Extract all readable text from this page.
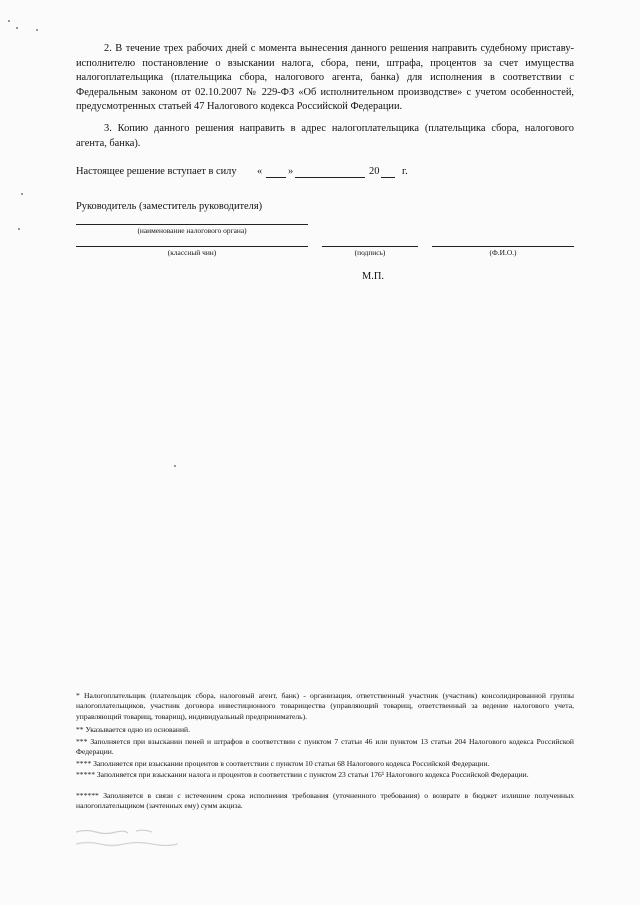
2. В течение трех рабочих дней с момента вынесения данного решения направить судебному приставу-исполнителю постановление о взыскании налога, сбора, пени, штрафа, процентов за счет имущества налогоплательщика (плательщика сбора, налогового агента, банка) для исполнения в соответствии с Федеральным законом от 02.10.2007 № 229-ФЗ «Об исполнительном производстве» с учетом особенностей, предусмотренных статьей 47 Налогового кодекса Российской Федерации.
3. Копию данного решения направить в адрес налогоплательщика (плательщика сбора, налогового агента, банка).
Настоящее решение вступает в силу « »	20 г.
Руководитель (заместитель руководителя)
(наименование налогового органа)
(классный чин)	(подпись)	(Ф.И.О.)
М.П.
* Налогоплательщик (плательщик сбора, налоговый агент, банк) - организация, ответственный участник (участник) консолидированной группы налогоплательщиков, участник договора инвестиционного товарищества (управляющий товарищ, ответственный за ведение налогового учета, управляющий товарищ, товарищ), индивидуальный предприниматель).
** Указывается одно из оснований.
*** Заполняется при взыскании пеней и штрафов в соответствии с пунктом 7 статьи 46 или пунктом 13 статьи 204 Налогового кодекса Российской Федерации.
**** Заполняется при взыскании процентов в соответствии с пунктом 10 статьи 68 Налогового кодекса Российской Федерации.
***** Заполняется при взыскании налога и процентов в соответствии с пунктом 23 статьи 176¹ Налогового кодекса Российской Федерации.
****** Заполняется в связи с истечением срока исполнения требования (уточненного требования) о возврате в бюджет излишне полученных налогоплательщиком (зачтенных ему) сумм акциза.
